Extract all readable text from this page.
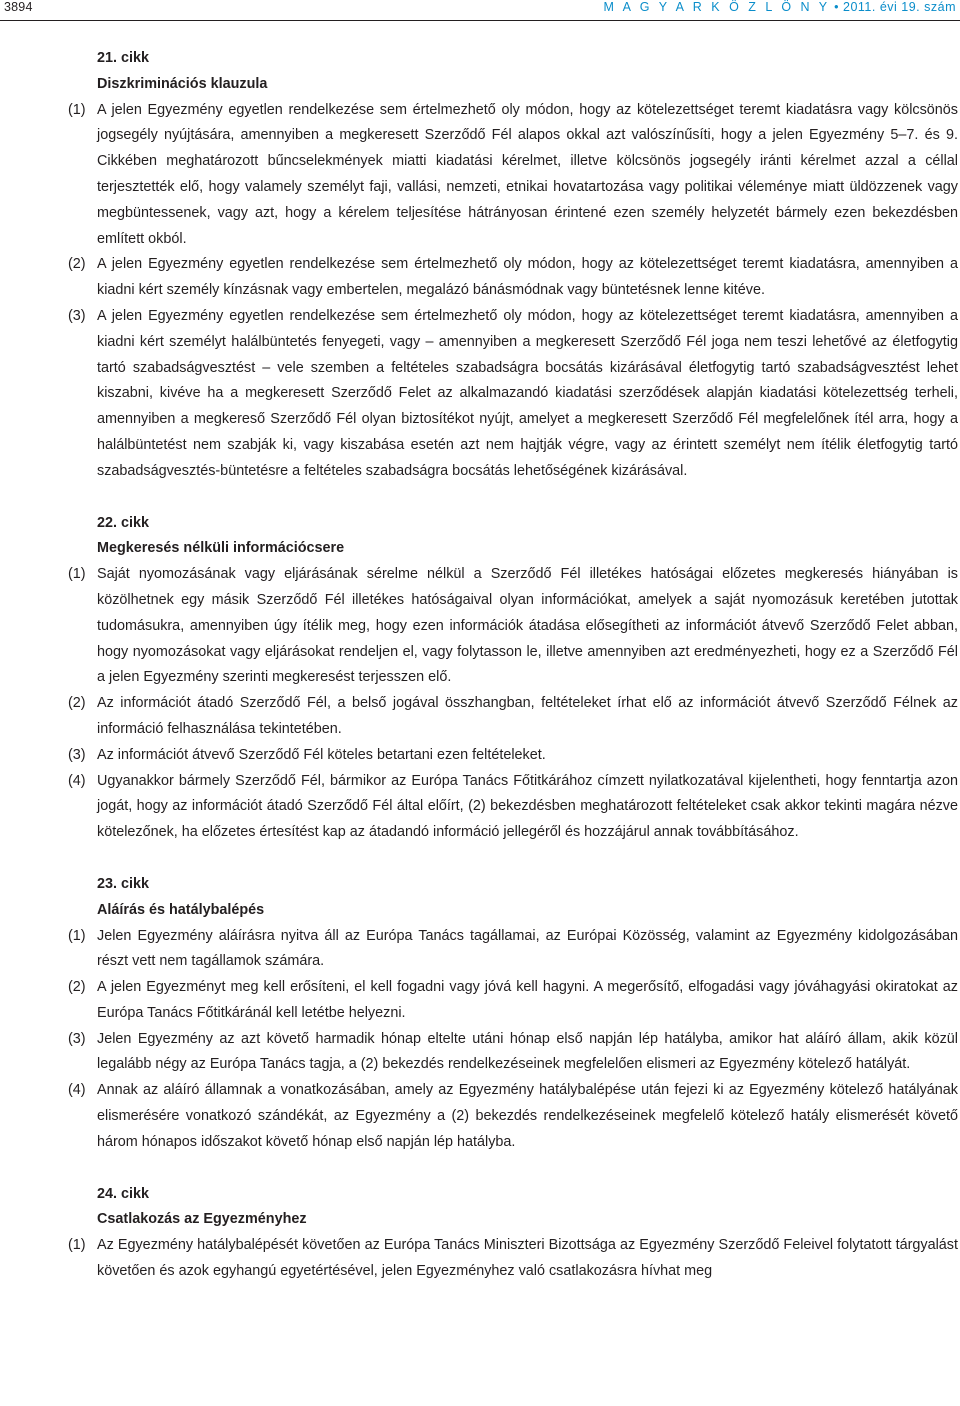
3894	M A G Y A R K Ö Z L Ö N Y • 2011. évi 19. szám
21. cikk
Diszkriminációs klauzula
(1) A jelen Egyezmény egyetlen rendelkezése sem értelmezhető oly módon, hogy az kötelezettséget teremt kiadatásra vagy kölcsönös jogsegély nyújtására, amennyiben a megkeresett Szerződő Fél alapos okkal azt valószínűsíti, hogy a jelen Egyezmény 5–7. és 9. Cikkében meghatározott bűncselekmények miatti kiadatási kérelmet, illetve kölcsönös jogsegély iránti kérelmet azzal a céllal terjesztették elő, hogy valamely személyt faji, vallási, nemzeti, etnikai hovatartozása vagy politikai véleménye miatt üldözzenek vagy megbüntessenek, vagy azt, hogy a kérelem teljesítése hátrányosan érintené ezen személy helyzetét bármely ezen bekezdésben említett okból.
(2) A jelen Egyezmény egyetlen rendelkezése sem értelmezhető oly módon, hogy az kötelezettséget teremt kiadatásra, amennyiben a kiadni kért személy kínzásnak vagy embertelen, megalázó bánásmódnak vagy büntetésnek lenne kitéve.
(3) A jelen Egyezmény egyetlen rendelkezése sem értelmezhető oly módon, hogy az kötelezettséget teremt kiadatásra, amennyiben a kiadni kért személyt halálbüntetés fenyegeti, vagy – amennyiben a megkeresett Szerződő Fél joga nem teszi lehetővé az életfogytig tartó szabadságvesztést – vele szemben a feltételes szabadságra bocsátás kizárásával életfogytig tartó szabadságvesztést lehet kiszabni, kivéve ha a megkeresett Szerződő Felet az alkalmazandó kiadatási szerződések alapján kiadatási kötelezettség terheli, amennyiben a megkereső Szerződő Fél olyan biztosítékot nyújt, amelyet a megkeresett Szerződő Fél megfelelőnek ítél arra, hogy a halálbüntetést nem szabják ki, vagy kiszabása esetén azt nem hajtják végre, vagy az érintett személyt nem ítélik életfogytig tartó szabadságvesztés-büntetésre a feltételes szabadságra bocsátás lehetőségének kizárásával.
22. cikk
Megkeresés nélküli információcsere
(1) Saját nyomozásának vagy eljárásának sérelme nélkül a Szerződő Fél illetékes hatóságai előzetes megkeresés hiányában is közölhetnek egy másik Szerződő Fél illetékes hatóságaival olyan információkat, amelyek a saját nyomozásuk keretében jutottak tudomásukra, amennyiben úgy ítélik meg, hogy ezen információk átadása elősegítheti az információt átvevő Szerződő Felet abban, hogy nyomozásokat vagy eljárásokat rendeljen el, vagy folytasson le, illetve amennyiben azt eredményezheti, hogy ez a Szerződő Fél a jelen Egyezmény szerinti megkeresést terjesszen elő.
(2) Az információt átadó Szerződő Fél, a belső jogával összhangban, feltételeket írhat elő az információt átvevő Szerződő Félnek az információ felhasználása tekintetében.
(3) Az információt átvevő Szerződő Fél köteles betartani ezen feltételeket.
(4) Ugyanakkor bármely Szerződő Fél, bármikor az Európa Tanács Főtitkárához címzett nyilatkozatával kijelentheti, hogy fenntartja azon jogát, hogy az információt átadó Szerződő Fél által előírt, (2) bekezdésben meghatározott feltételeket csak akkor tekinti magára nézve kötelezőnek, ha előzetes értesítést kap az átadandó információ jellegéről és hozzájárul annak továbbításához.
23. cikk
Aláírás és hatálybalépés
(1) Jelen Egyezmény aláírásra nyitva áll az Európa Tanács tagállamai, az Európai Közösség, valamint az Egyezmény kidolgozásában részt vett nem tagállamok számára.
(2) A jelen Egyezményt meg kell erősíteni, el kell fogadni vagy jóvá kell hagyni. A megerősítő, elfogadási vagy jóváhagyási okiratokat az Európa Tanács Főtitkáránál kell letétbe helyezni.
(3) Jelen Egyezmény az azt követő harmadik hónap eltelte utáni hónap első napján lép hatályba, amikor hat aláíró állam, akik közül legalább négy az Európa Tanács tagja, a (2) bekezdés rendelkezéseinek megfelelően elismeri az Egyezmény kötelező hatályát.
(4) Annak az aláíró államnak a vonatkozásában, amely az Egyezmény hatálybalépése után fejezi ki az Egyezmény kötelező hatályának elismerésére vonatkozó szándékát, az Egyezmény a (2) bekezdés rendelkezéseinek megfelelő kötelező hatály elismerését követő három hónapos időszakot követő hónap első napján lép hatályba.
24. cikk
Csatlakozás az Egyezményhez
(1) Az Egyezmény hatálybalépését követően az Európa Tanács Miniszteri Bizottsága az Egyezmény Szerződő Feleivel folytatott tárgyalást követően és azok egyhangú egyetértésével, jelen Egyezményhez való csatlakozásra hívhat meg
